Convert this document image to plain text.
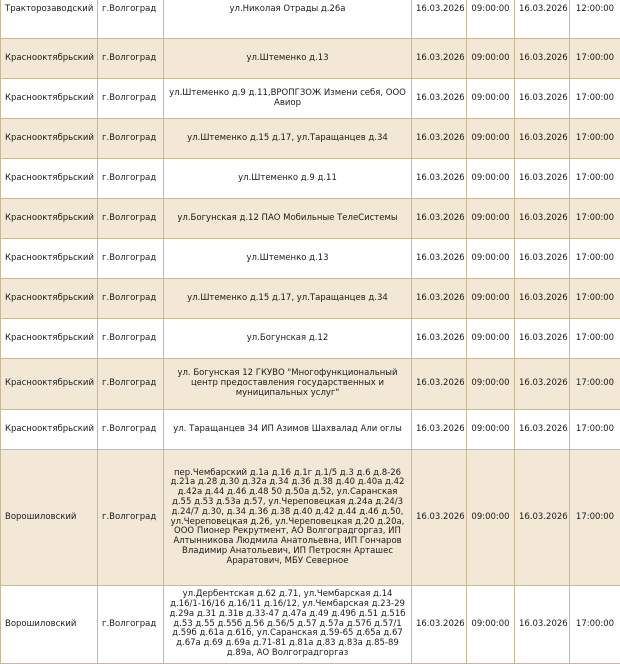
Тракторозаводский	г.Волгоград	ул.Николая Отрады д.26а	16.03.2026	09:00:00	16.03.2026	12:00:00
Краснооктябрьский	г.Волгоград	ул.Штеменко д.13	16.03.2026	09:00:00	16.03.2026	17:00:00
Краснооктябрьский	г.Волгоград	ул.Штеменко д.9 д.11,ВРОПГЗОЖ Измени себя, ООО Авиор	16.03.2026	09:00:00	16.03.2026	17:00:00
Краснооктябрьский	г.Волгоград	ул.Штеменко д.15 д.17, ул.Таращанцев д.34	16.03.2026	09:00:00	16.03.2026	17:00:00
Краснооктябрьский	г.Волгоград	ул.Штеменко д.9 д.11	16.03.2026	09:00:00	16.03.2026	17:00:00
Краснооктябрьский	г.Волгоград	ул.Богунская д.12 ПАО Мобильные ТелеСистемы	16.03.2026	09:00:00	16.03.2026	17:00:00
Краснооктябрьский	г.Волгоград	ул.Штеменко д.13	16.03.2026	09:00:00	16.03.2026	17:00:00
Краснооктябрьский	г.Волгоград	ул.Штеменко д.15 д.17, ул.Таращанцев д.34	16.03.2026	09:00:00	16.03.2026	17:00:00
Краснооктябрьский	г.Волгоград	ул.Богунская д.12	16.03.2026	09:00:00	16.03.2026	17:00:00
Краснооктябрьский	г.Волгоград	ул. Богунская 12 ГКУВО "Многофункциональный центр предоставления государственных и муниципальных услуг"	16.03.2026	09:00:00	16.03.2026	17:00:00
Краснооктябрьский	г.Волгоград	ул. Таращанцев 34 ИП Азимов Шахвалад Али оглы	16.03.2026	09:00:00	16.03.2026	17:00:00
Ворошиловский	г.Волгоград	пер.Чембарский д.1а д.16 д.1г д.1/5 д.3 д.6 д.8-26 д.21а д.28 д.30 д.32а д.34 д.36 д.38 д.40 д.40а д.42 д.42а д.44 д.46 д.48 50 д.50а д.52, ул.Саранская д.55 д.53 д.53а д.57, ул.Череповецкая д.24а д.24/3 д.24/7 д.30, д.34 д.36 д.38 д.40 д.42 д.44 д.46 д.50, ул.Череповецкая д.26, ул.Череповецкая д.20 д.20а, ООО Пионер Рекрутмент, АО Волгоградгоргаз, ИП Алтынникова Людмила Анатольевна, ИП Гончаров Владимир Анатольевич, ИП Петросян Арташес Араратович, МБУ Северное	16.03.2026	09:00:00	16.03.2026	17:00:00
Ворошиловский	г.Волгоград	ул.Дербентская д.62 д.71, ул.Чембарская д.14 д.16/1-16/16 д.16/11 д.16/12, ул.Чембарская д.23-29 д.29а д.31 д.31в д.33-47 д.47а д.49 д.49б д.51 д.51б д.53 д.55 д.55б д.56 д.56/5 д.57 д.57а д.57б д.57/1 д.59б д.61а д.61б, ул.Саранская д.59-65 д.65а д.67 д.67а д.69 д.69а д.71-81 д.81а д.83 д.83а д.85-89 д.89а, АО Волгоградгоргаз	16.03.2026	09:00:00	16.03.2026	17:00:00
